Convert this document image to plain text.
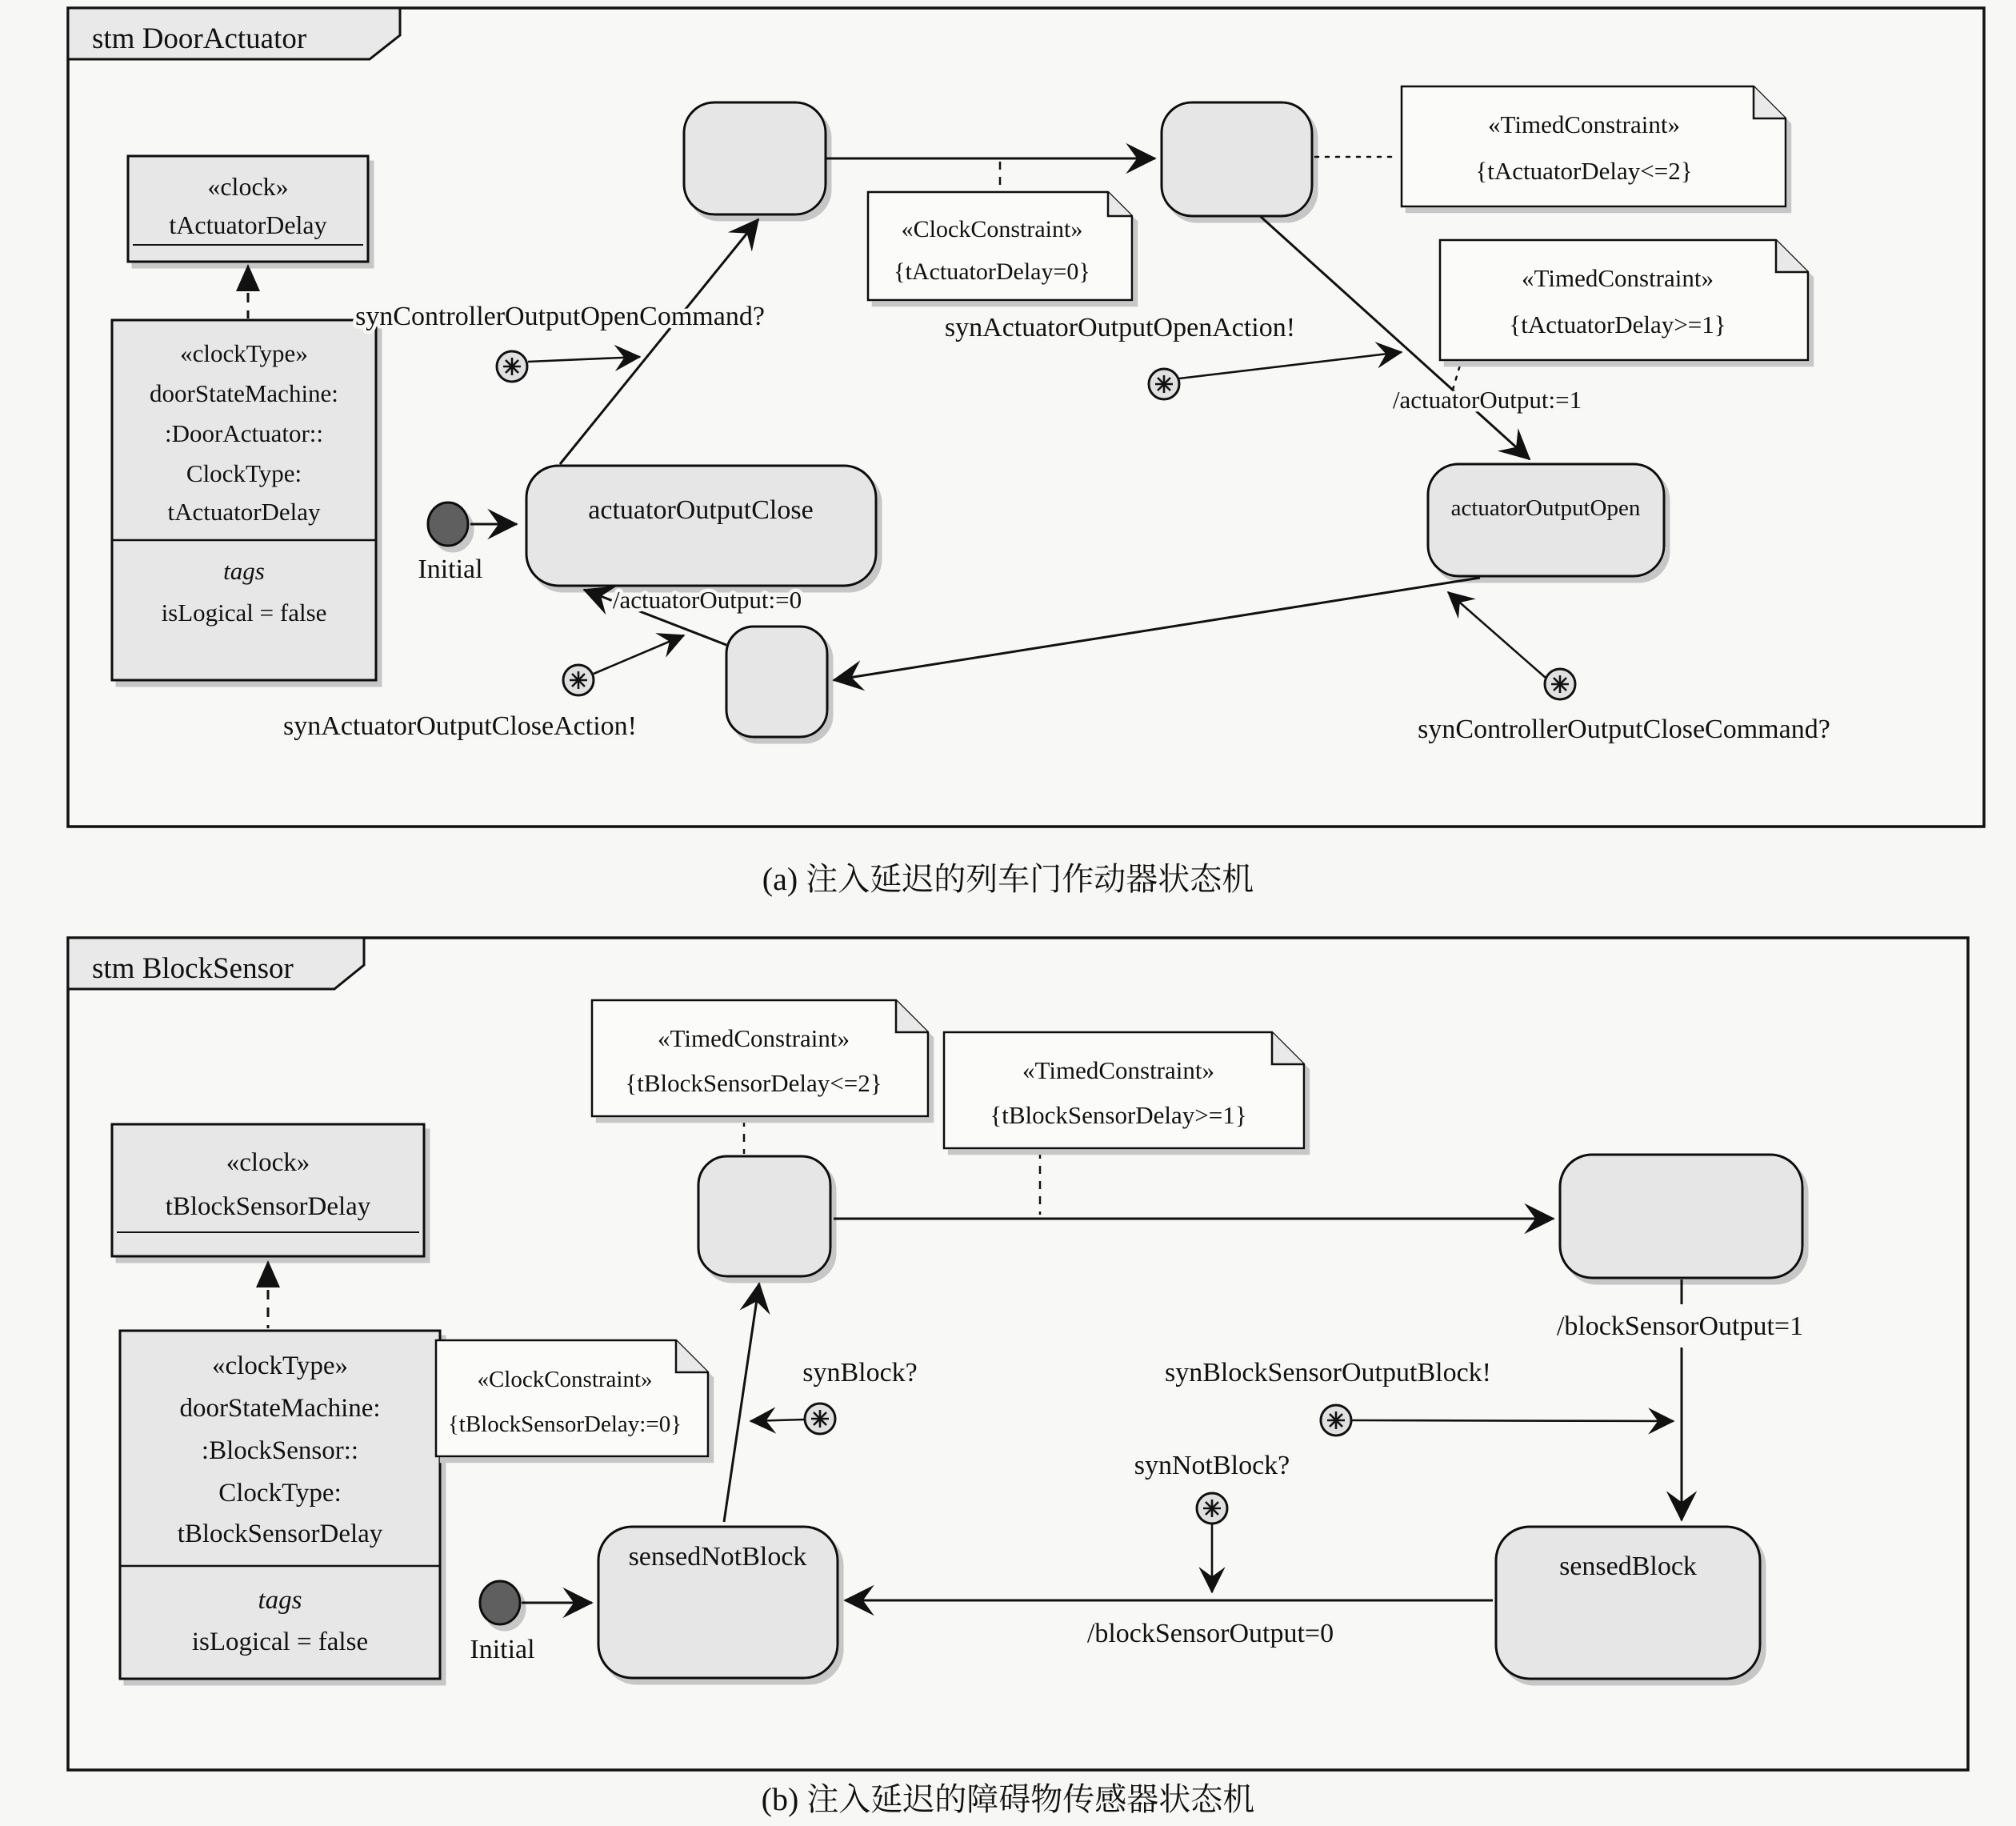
stm DoorActuator
«clock»
tActuatorDelay
«clockType»
doorStateMachine:
:DoorActuator::
ClockType:
tActuatorDelay
tags
isLogical = false
Initial
actuatorOutputClose	actuatorOutputOpen
synControllerOutputOpenCommand?	synActuatorOutputOpenAction!
/actuatorOutput:=1
/actuatorOutput:=0
synActuatorOutputCloseAction!	synControllerOutputCloseCommand?
«ClockConstraint»
{tActuatorDelay=0}
«TimedConstraint»
{tActuatorDelay<=2}
«TimedConstraint»
{tActuatorDelay>=1}
(a) 注入延迟的列车门作动器状态机
stm BlockSensor
«clock»
tBlockSensorDelay
«clockType»
doorStateMachine:
:BlockSensor::
ClockType:
tBlockSensorDelay
tags
isLogical = false
sensedNotBlock	sensedBlock
Initial
synBlock?
synNotBlock?
synBlockSensorOutputBlock!
/blockSensorOutput=1
/blockSensorOutput=0
«TimedConstraint»
{tBlockSensorDelay<=2}	«TimedConstraint»
{tBlockSensorDelay>=1}
«ClockConstraint»
{tBlockSensorDelay:=0}
(b) 注入延迟的障碍物传感器状态机
